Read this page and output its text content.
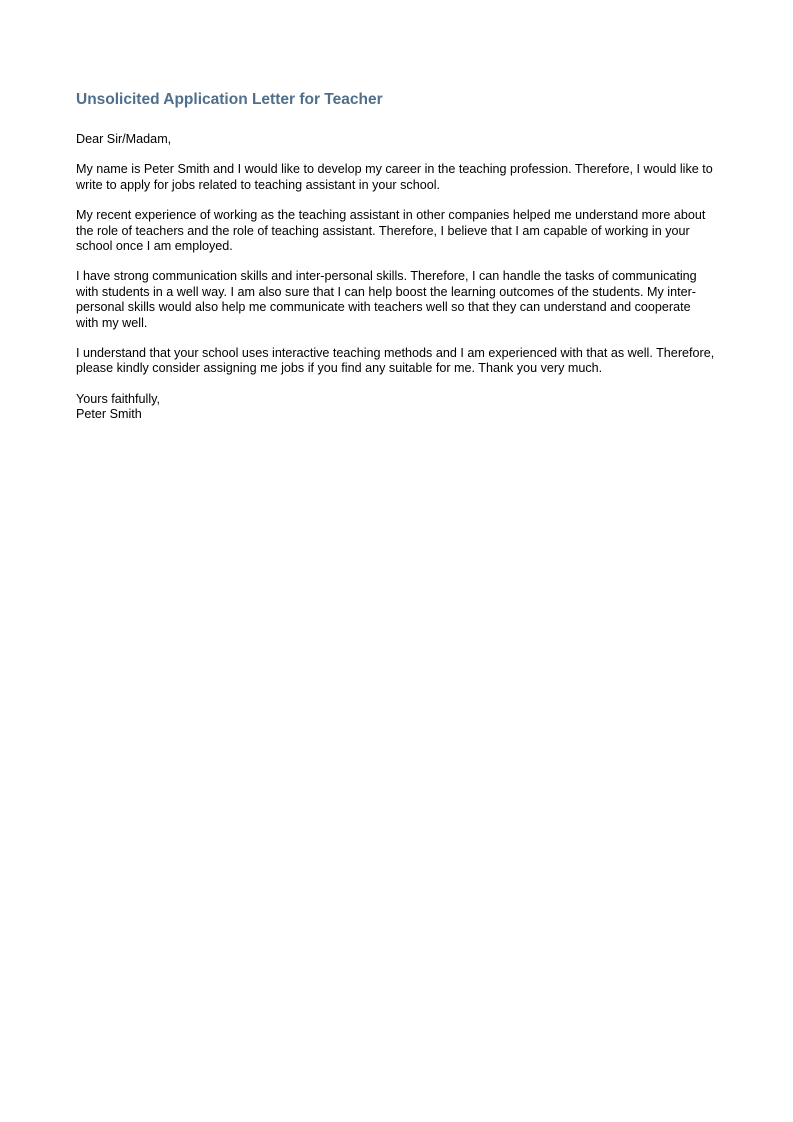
Unsolicited Application Letter for Teacher

Dear Sir/Madam,

My name is Peter Smith and I would like to develop my career in the teaching profession. Therefore, I would like to write to apply for jobs related to teaching assistant in your school.

My recent experience of working as the teaching assistant in other companies helped me understand more about the role of teachers and the role of teaching assistant. Therefore, I believe that I am capable of working in your school once I am employed.

I have strong communication skills and inter-personal skills. Therefore, I can handle the tasks of communicating with students in a well way. I am also sure that I can help boost the learning outcomes of the students. My inter-personal skills would also help me communicate with teachers well so that they can understand and cooperate with my well.

I understand that your school uses interactive teaching methods and I am experienced with that as well. Therefore, please kindly consider assigning me jobs if you find any suitable for me. Thank you very much.

Yours faithfully,

Peter Smith
